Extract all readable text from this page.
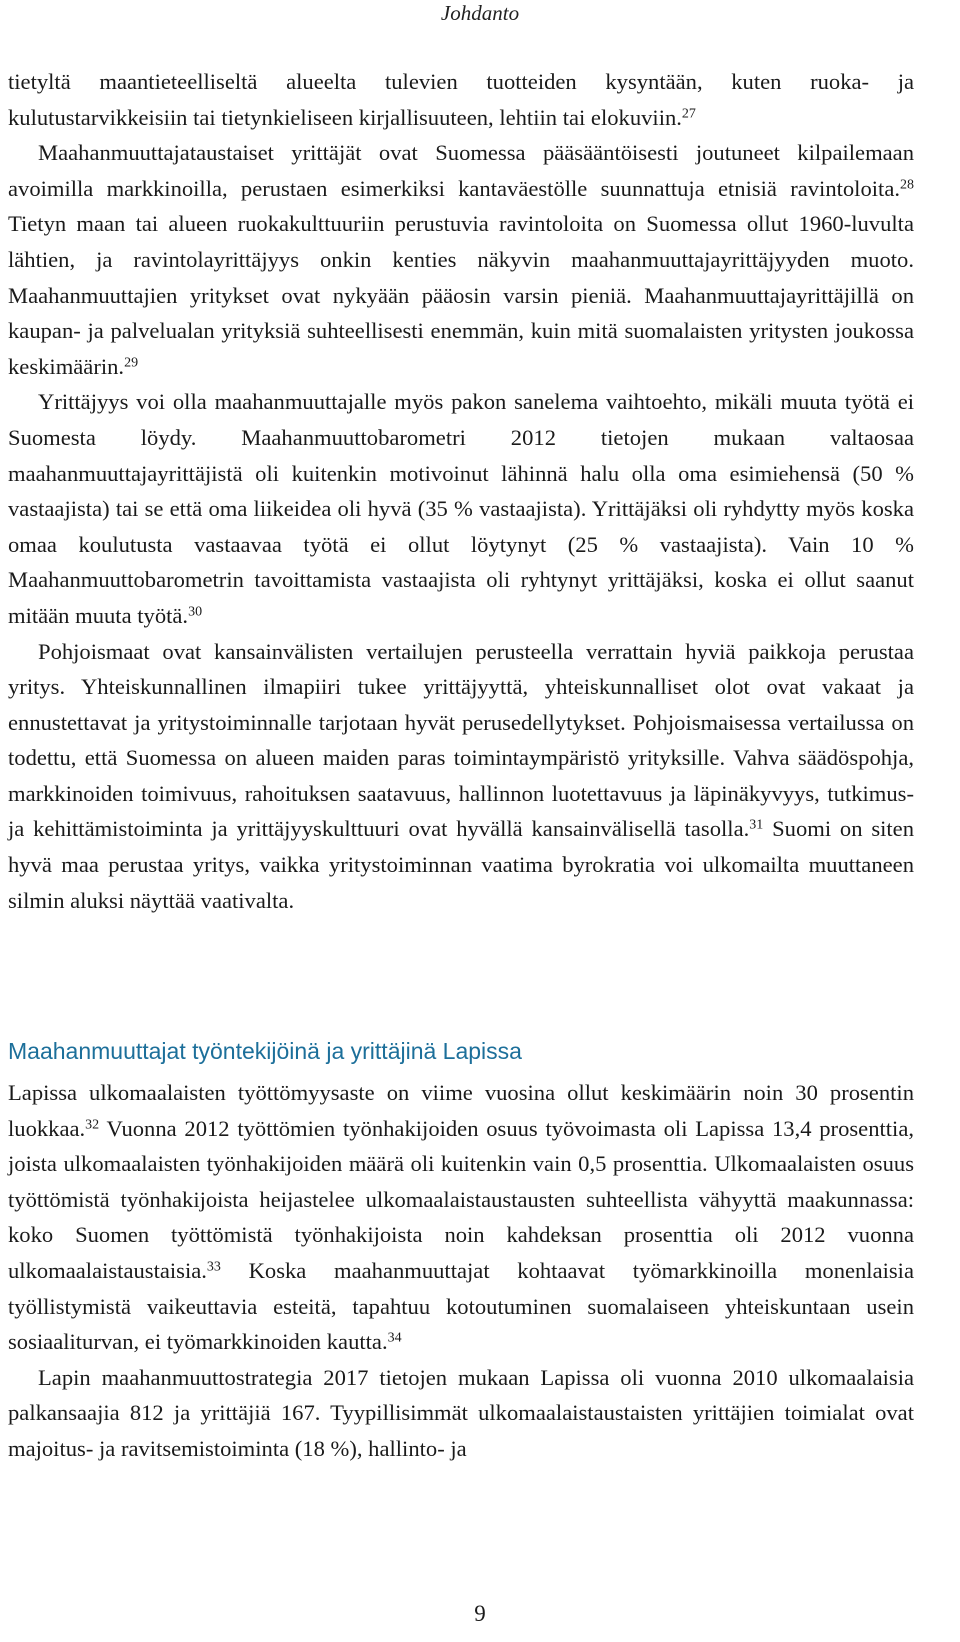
Johdanto

tietyltä maantieteelliseltä alueelta tulevien tuotteiden kysyntään, kuten ruoka- ja kulutustarvikkeisiin tai tietynkieliseen kirjallisuuteen, lehtiin tai elokuviin.$^{27}$

Maahanmuuttajataustaiset yrittäjät ovat Suomessa pääsääntöisesti joutuneet kilpailemaan avoimilla markkinoilla, perustaen esimerkiksi kantaväestölle suunnattuja etnisiä ravintoloita.$^{28}$ Tietyn maan tai alueen ruokakulttuuriin perustuvia ravintoloita on Suomessa ollut 1960-luvulta lähtien, ja ravintolayrittäjyys onkin kenties näkyvin maahanmuuttajayrittäjyyden muoto. Maahanmuuttajien yritykset ovat nykyään pääosin varsin pieniä. Maahanmuuttajayrittäjillä on kaupan- ja palvelualan yrityksiä suhteellisesti enemmän, kuin mitä suomalaisten yritysten joukossa keskimäärin.$^{29}$

Yrittäjyys voi olla maahanmuuttajalle myös pakon sanelema vaihtoehto, mikäli muuta työtä ei Suomesta löydy. Maahanmuuttobarometri 2012 tietojen mukaan valtaosaa maahanmuuttajayrittäjistä oli kuitenkin motivoinut lähinnä halu olla oma esimiehensä (50 % vastaajista) tai se että oma liikeidea oli hyvä (35 % vastaajista). Yrittäjäksi oli ryhdytty myös koska omaa koulutusta vastaavaa työtä ei ollut löytynyt (25 % vastaajista). Vain 10 % Maahanmuuttobarometrin tavoittamista vastaajista oli ryhtynyt yrittäjäksi, koska ei ollut saanut mitään muuta työtä.$^{30}$

Pohjoismaat ovat kansainvälisten vertailujen perusteella verrattain hyviä paikkoja perustaa yritys. Yhteiskunnallinen ilmapiiri tukee yrittäjyyttä, yhteiskunnalliset olot ovat vakaat ja ennustettavat ja yritystoiminnalle tarjotaan hyvät perusedellytykset. Pohjoismaisessa vertailussa on todettu, että Suomessa on alueen maiden paras toimintaympäristö yrityksille. Vahva säädöspohja, markkinoiden toimivuus, rahoituksen saatavuus, hallinnon luotettavuus ja läpinäkyvyys, tutkimus- ja kehittämistoiminta ja yrittäjyyskulttuuri ovat hyvällä kansainvälisellä tasolla.$^{31}$ Suomi on siten hyvä maa perustaa yritys, vaikka yritystoiminnan vaatima byrokratia voi ulkomailta muuttaneen silmin aluksi näyttää vaativalta.

Maahanmuuttajat työntekijöinä ja yrittäjinä Lapissa

Lapissa ulkomaalaisten työttömyysaste on viime vuosina ollut keskimäärin noin 30 prosentin luokkaa.$^{32}$ Vuonna 2012 työttömien työnhakijoiden osuus työvoimasta oli Lapissa 13,4 prosenttia, joista ulkomaalaisten työnhakijoiden määrä oli kuitenkin vain 0,5 prosenttia. Ulkomaalaisten osuus työttömistä työnhakijoista heijastelee ulkomaalaistaustausten suhteellista vähyyttä maakunnassa: koko Suomen työttömistä työnhakijoista noin kahdeksan prosenttia oli 2012 vuonna ulkomaalaistaustaisia.$^{33}$ Koska maahanmuuttajat kohtaavat työmarkkinoilla monenlaisia työllistymistä vaikeuttavia esteitä, tapahtuu kotoutuminen suomalaiseen yhteiskuntaan usein sosiaaliturvan, ei työmarkkinoiden kautta.$^{34}$

Lapin maahanmuuttostrategia 2017 tietojen mukaan Lapissa oli vuonna 2010 ulkomaalaisia palkansaajia 812 ja yrittäjiä 167. Tyypillisimmät ulkomaalaistaustaisten yrittäjien toimialat ovat majoitus- ja ravitsemistoiminta (18 %), hallinto- ja

9
